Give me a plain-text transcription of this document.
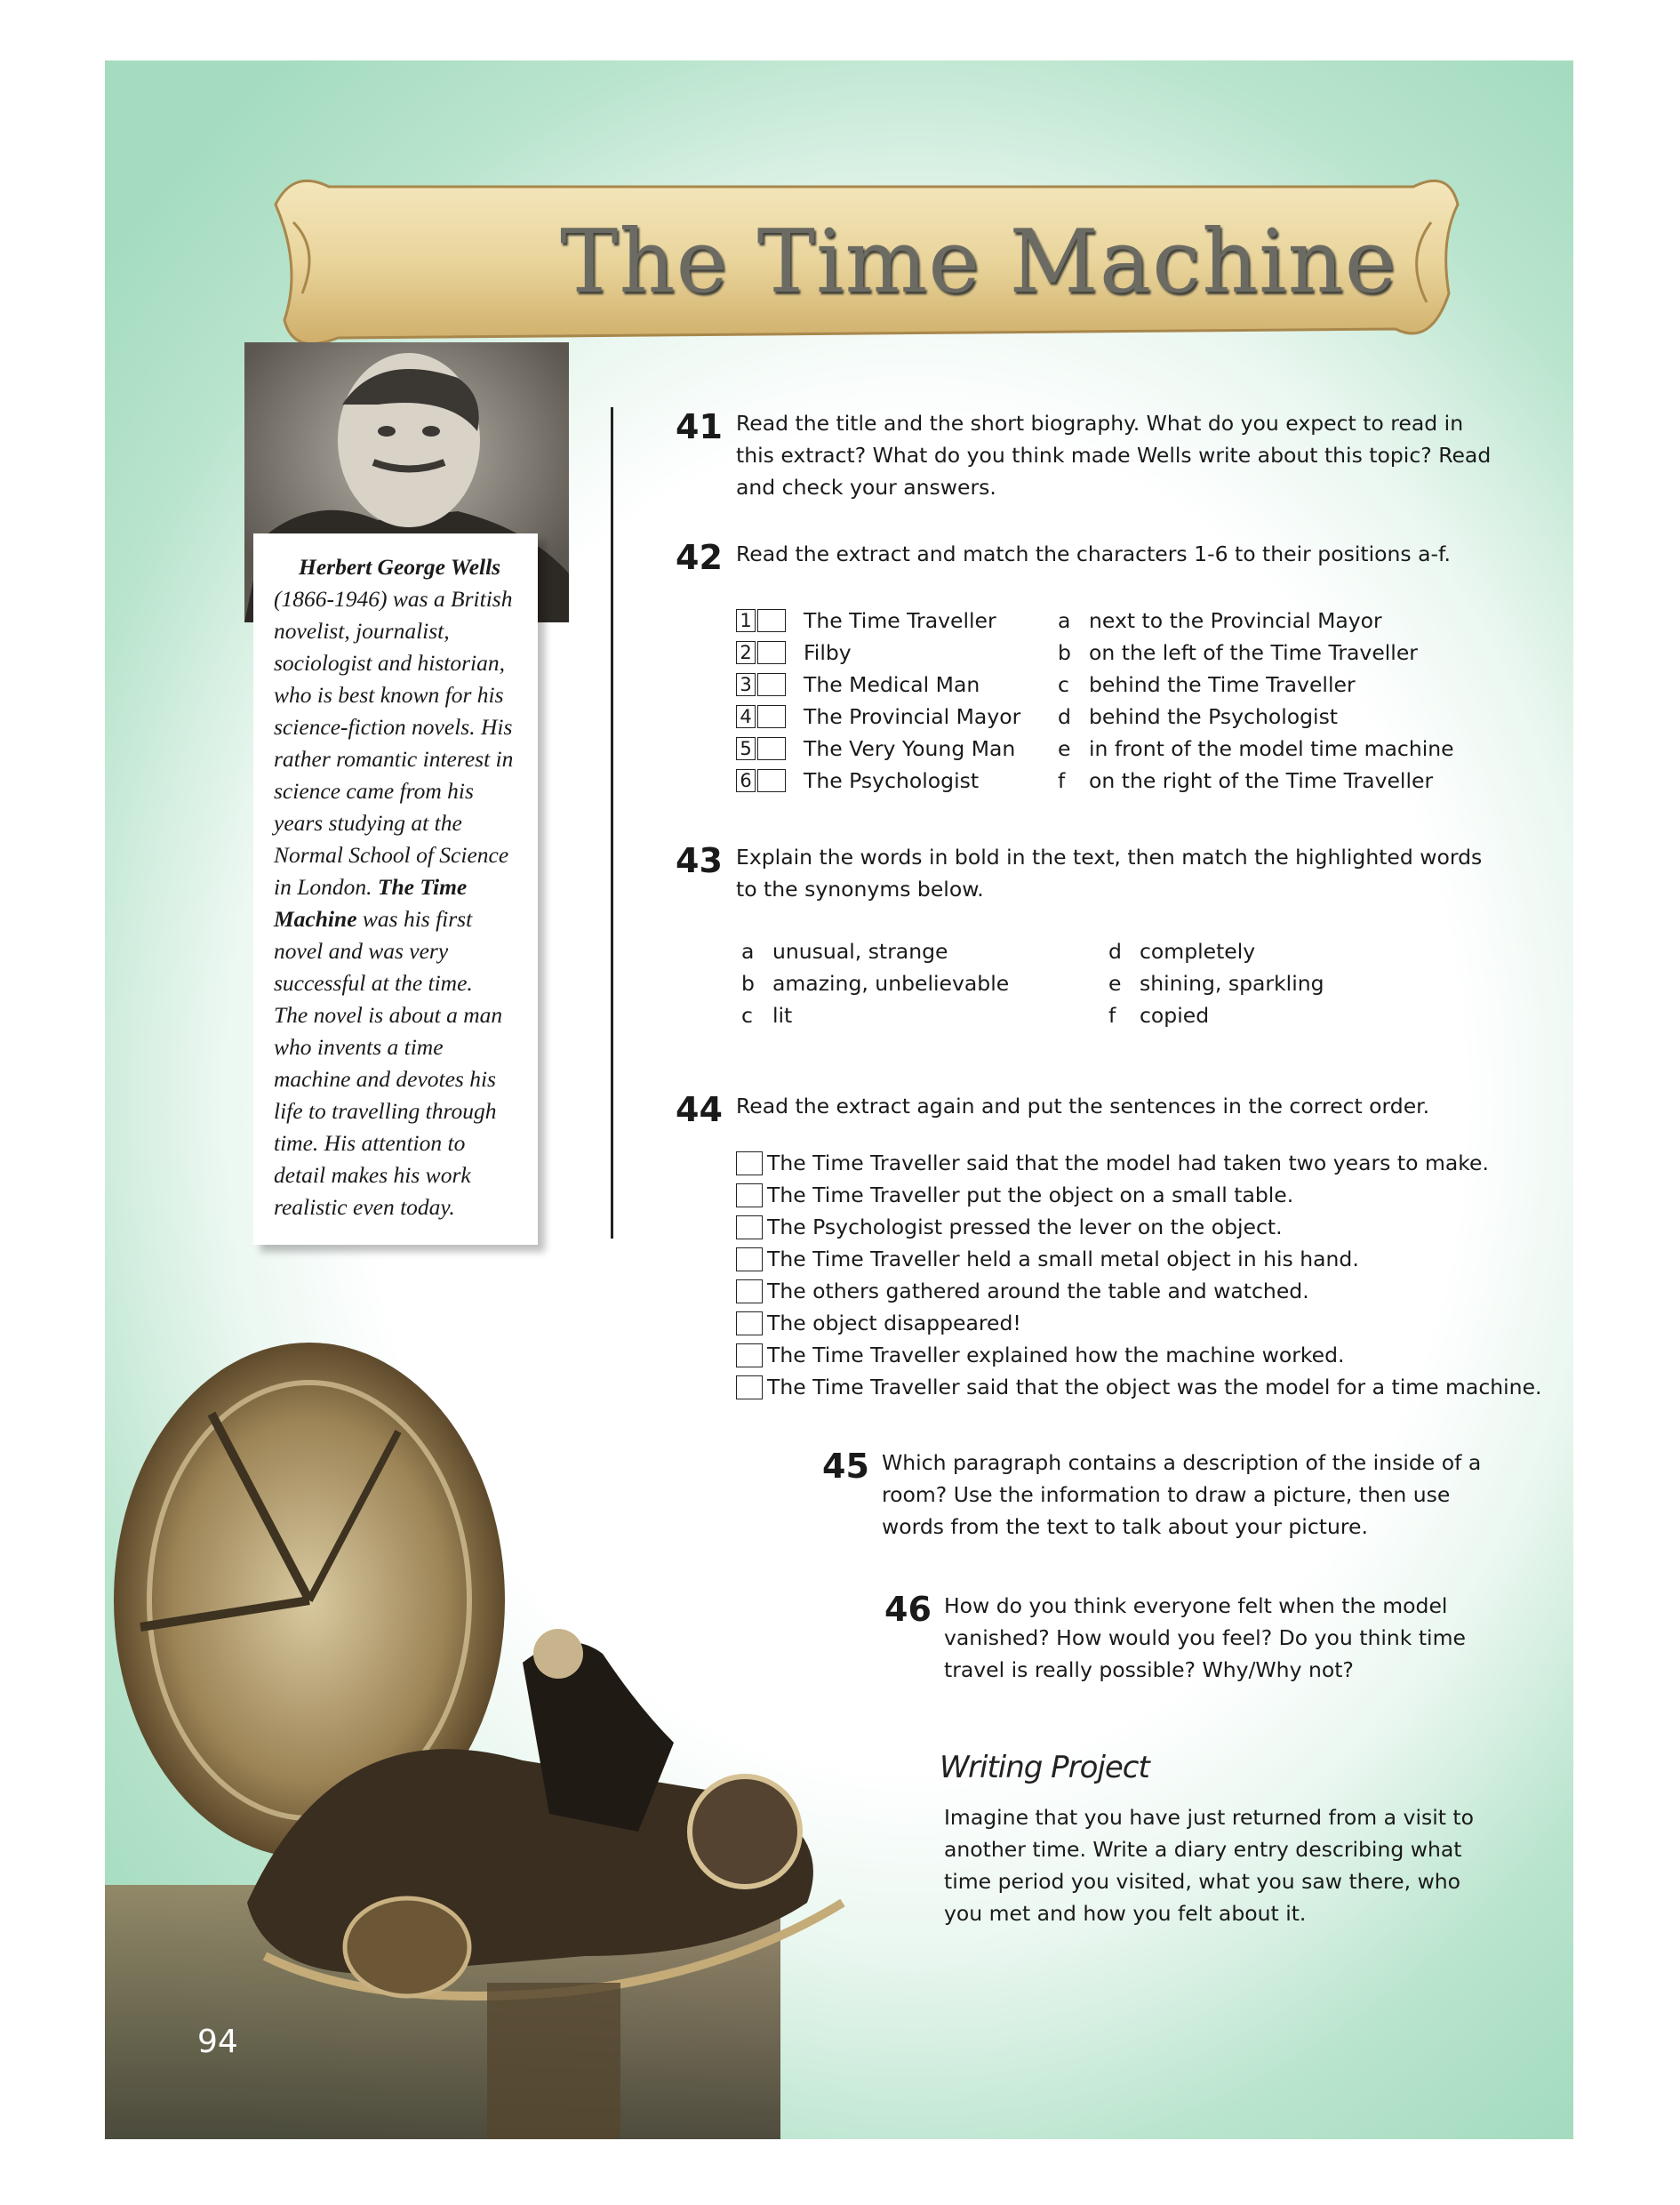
The Time Machine
Herbert George Wells
(1866-1946) was a British
novelist, journalist,
sociologist and historian,
who is best known for his
science-fiction novels. His
rather romantic interest in
science came from his
years studying at the
Normal School of Science
in London. The Time
Machine was his first
novel and was very
successful at the time.
The novel is about a man
who invents a time
machine and devotes his
life to travelling through
time. His attention to
detail makes his work
realistic even today.
41 Read the title and the short biography. What do you expect to read in
this extract? What do you think made Wells write about this topic? Read
and check your answers.
42 Read the extract and match the characters 1-6 to their positions a-f.
1 The Time Traveller
2 Filby
3 The Medical Man
4 The Provincial Mayor
5 The Very Young Man
6 The Psychologist
a next to the Provincial Mayor
b on the left of the Time Traveller
c behind the Time Traveller
d behind the Psychologist
e in front of the model time machine
f	on the right of the Time Traveller
43 Explain the words in bold in the text, then match the highlighted words
to the synonyms below.
a unusual, strange
b amazing, unbelievable
c lit
d completely
e shining, sparkling
f	copied
44 Read the extract again and put the sentences in the correct order.
The Time Traveller said that the model had taken two years to make.
The Time Traveller put the object on a small table.
The Psychologist pressed the lever on the object.
The Time Traveller held a small metal object in his hand.
The others gathered around the table and watched.
The object disappeared!
The Time Traveller explained how the machine worked.
The Time Traveller said that the object was the model for a time machine.
45 Which paragraph contains a description of the inside of a
room? Use the information to draw a picture, then use
words from the text to talk about your picture.
46 How do you think everyone felt when the model
vanished? How would you feel? Do you think time
travel is really possible? Why/Why not?
Writing Project
Imagine that you have just returned from a visit to
another time. Write a diary entry describing what
time period you visited, what you saw there, who
you met and how you felt about it.
94
